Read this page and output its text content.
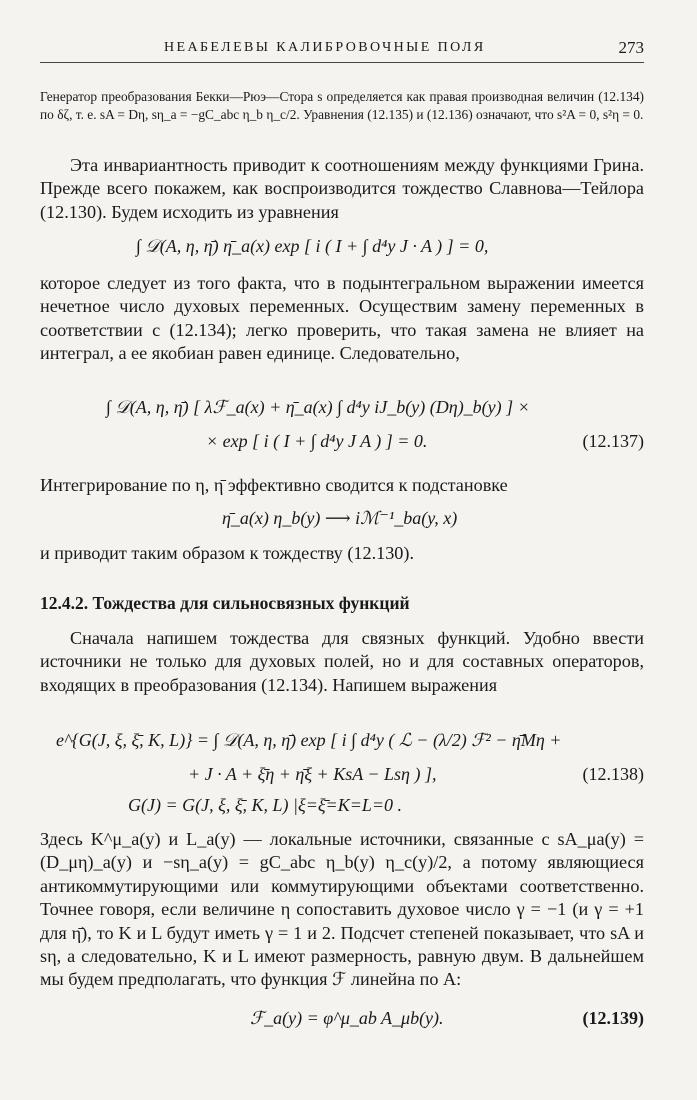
НЕАБЕЛЕВЫ КАЛИБРОВОЧНЫЕ ПОЛЯ	273

Генератор преобразования Бекки—Рюэ—Стора s определяется как правая производная величин (12.134) по δζ, т. е. sA = Dη, sη_a = −gC_abc η_b η_c/2. Уравнения (12.135) и (12.136) означают, что s²A = 0, s²η = 0.

Эта инвариантность приводит к соотношениям между функциями Грина. Прежде всего покажем, как воспроизводится тождество Славнова—Тейлора (12.130). Будем исходить из уравнения

∫ 𝒟(A, η, η̄) η̄_a(x) exp [ i ( I + ∫ d⁴y J · A ) ] = 0,

которое следует из того факта, что в подынтегральном выражении имеется нечетное число духовых переменных. Осуществим замену переменных в соответствии с (12.134); легко проверить, что такая замена не влияет на интеграл, а ее якобиан равен единице. Следовательно,

∫ 𝒟(A, η, η̄) [ λℱ_a(x) + η̄_a(x) ∫ d⁴y iJ_b(y) (Dη)_b(y) ] ×
× exp [ i ( I + ∫ d⁴y J A ) ] = 0.	(12.137)

Интегрирование по η, η̄ эффективно сводится к подстановке

η̄_a(x) η_b(y) ⟶ iℳ⁻¹_ba(y, x)

и приводит таким образом к тождеству (12.130).

12.4.2. Тождества для сильносвязных функций

Сначала напишем тождества для связных функций. Удобно ввести источники не только для духовых полей, но и для составных операторов, входящих в преобразования (12.134). Напишем выражения

e^{G(J, ξ, ξ̄, K, L)} = ∫ 𝒟(A, η, η̄) exp [ i ∫ d⁴y ( ℒ − (λ/2) ℱ² − η̄Mη +
+ J · A + ξ̄η + η̄ξ + KsA − Lsη ) ],	(12.138)
G(J) = G(J, ξ, ξ̄, K, L) |ξ=ξ̄=K=L=0 .

Здесь K^μ_a(y) и L_a(y) — локальные источники, связанные с sA_μa(y) = (D_μη)_a(y) и −sη_a(y) = gC_abc η_b(y) η_c(y)/2, а потому являющиеся антикоммутирующими или коммутирующими объектами соответственно. Точнее говоря, если величине η сопоставить духовое число γ = −1 (и γ = +1 для η̄), то K и L будут иметь γ = 1 и 2. Подсчет степеней показывает, что sA и sη, а следовательно, K и L имеют размерность, равную двум. В дальнейшем мы будем предполагать, что функция ℱ линейна по A:

ℱ_a(y) = φ^μ_ab A_μb(y).	(12.139)
